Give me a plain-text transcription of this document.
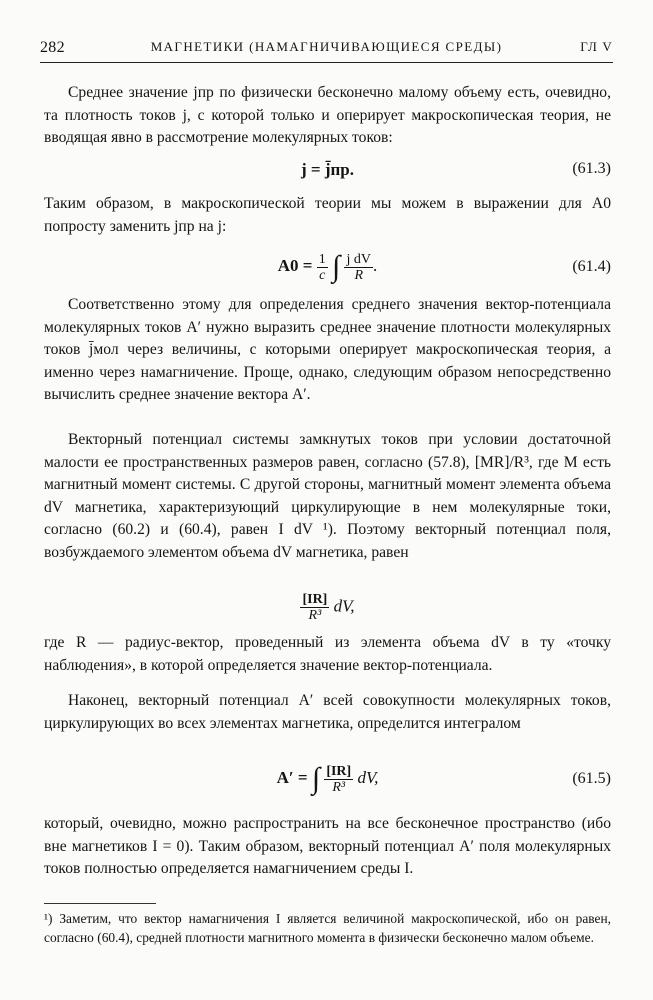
282	МАГНЕТИКИ (НАМАГНИЧИВАЮЩИЕСЯ СРЕДЫ)	ГЛ V
Среднее значение jпр по физически бесконечно малому объему есть, очевидно, та плотность токов j, с которой только и оперирует макроскопическая теория, не вводящая явно в рассмотрение молекулярных токов:
j = j̄пр.	(61.3)
Таким образом, в макроскопической теории мы можем в выражении для A0 попросту заменить jпр на j:
$A0 = \frac{1}{c}$ ∫ $\frac{\text{j dV}}{R}$ .	(61.4)
Соответственно этому для определения среднего значения вектор-потенциала молекулярных токов A′ нужно выразить среднее значение плотности молекулярных токов j̄мол через величины, с которыми оперирует макроскопическая теория, а именно через намагничение. Проще, однако, следующим образом непосредственно вычислить среднее значение вектора A′.
Векторный потенциал системы замкнутых токов при условии достаточной малости ее пространственных размеров равен, согласно (57.8), [MR]/R³, где M есть магнитный момент системы. С другой стороны, магнитный момент элемента объема dV магнетика, характеризующий циркулирующие в нем молекулярные токи, согласно (60.2) и (60.4), равен I dV ¹). Поэтому векторный потенциал поля, возбуждаемого элементом объема dV магнетика, равен
$\frac{[IR]}{\text{R³}}$ dV,
где R — радиус-вектор, проведенный из элемента объема dV в ту «точку наблюдения», в которой определяется значение вектор-потенциала.
Наконец, векторный потенциал A′ всей совокупности молекулярных токов, циркулирующих во всех элементах магнетика, определится интегралом
A′ = ∫ $\frac{[IR]}{\text{R³}}$ dV,	(61.5)
который, очевидно, можно распространить на все бесконечное пространство (ибо вне магнетиков I = 0). Таким образом, векторный потенциал A′ поля молекулярных токов полностью определяется намагничением среды I.
¹) Заметим, что вектор намагничения I является величиной макроскопической, ибо он равен, согласно (60.4), средней плотности магнитного момента в физически бесконечно малом объеме.
